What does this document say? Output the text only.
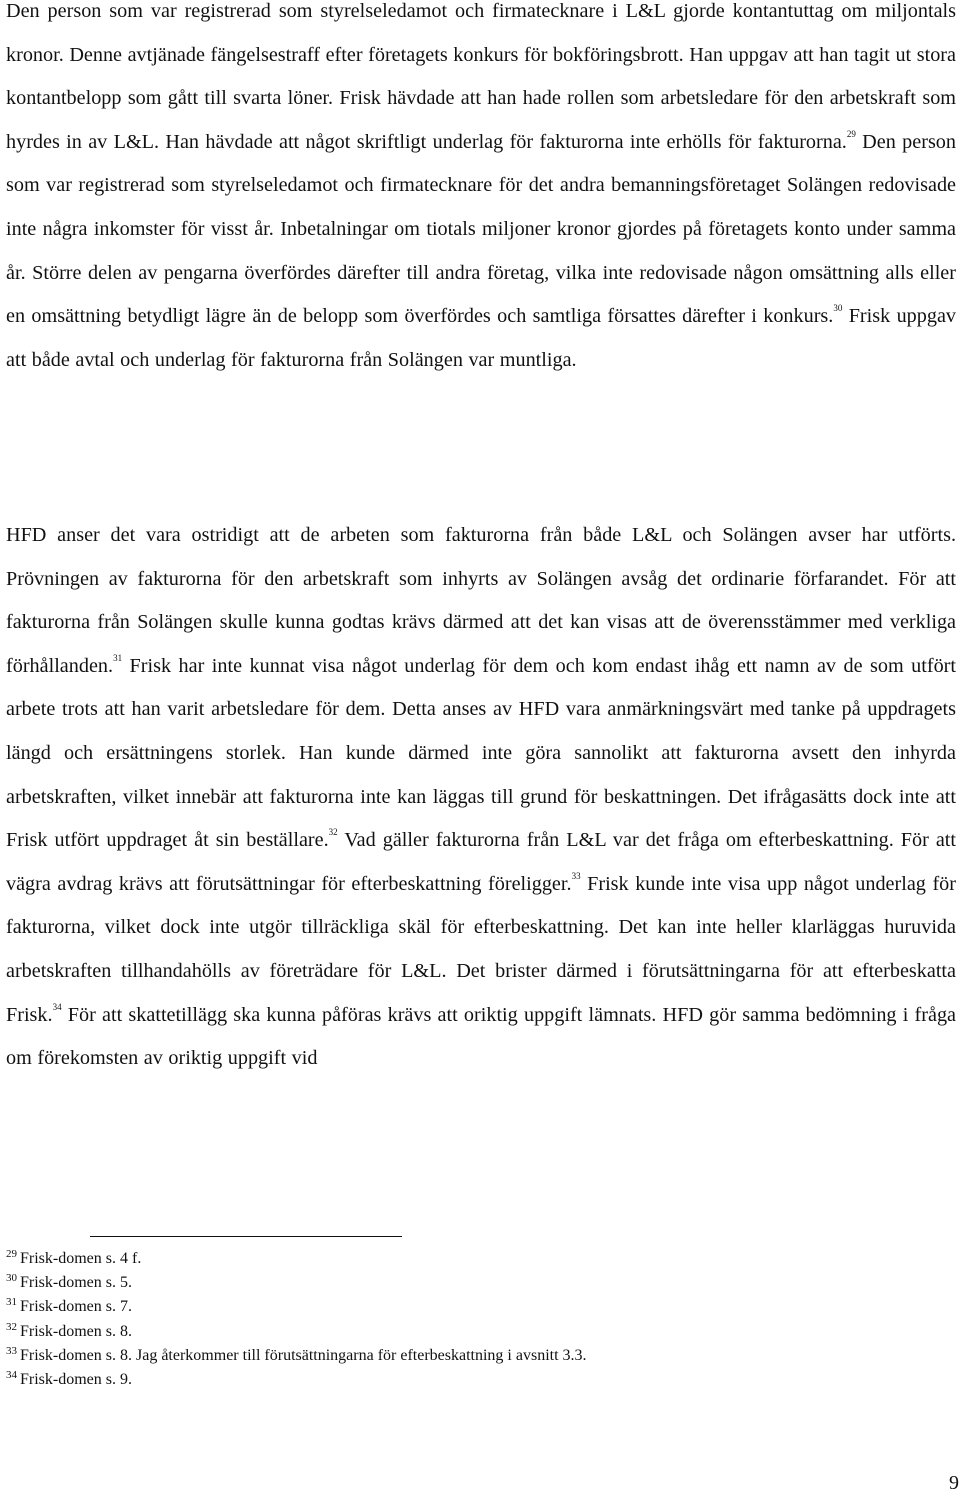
Den person som var registrerad som styrelseledamot och firmatecknare i L&L gjorde kontantuttag om miljontals kronor. Denne avtjänade fängelsestraff efter företagets konkurs för bokföringsbrott. Han uppgav att han tagit ut stora kontantbelopp som gått till svarta löner. Frisk hävdade att han hade rollen som arbetsledare för den arbetskraft som hyrdes in av L&L. Han hävdade att något skriftligt underlag för fakturorna inte erhölls för fakturorna.$^{29}$ Den person som var registrerad som styrelseledamot och firmatecknare för det andra bemanningsföretaget Solängen redovisade inte några inkomster för visst år. Inbetalningar om tiotals miljoner kronor gjordes på företagets konto under samma år. Större delen av pengarna överfördes därefter till andra företag, vilka inte redovisade någon omsättning alls eller en omsättning betydligt lägre än de belopp som överfördes och samtliga försattes därefter i konkurs.$^{30}$ Frisk uppgav att både avtal och underlag för fakturorna från Solängen var muntliga.

HFD anser det vara ostridigt att de arbeten som fakturorna från både L&L och Solängen avser har utförts. Prövningen av fakturorna för den arbetskraft som inhyrts av Solängen avsåg det ordinarie förfarandet. För att fakturorna från Solängen skulle kunna godtas krävs därmed att det kan visas att de överensstämmer med verkliga förhållanden.$^{31}$ Frisk har inte kunnat visa något underlag för dem och kom endast ihåg ett namn av de som utfört arbete trots att han varit arbetsledare för dem. Detta anses av HFD vara anmärkningsvärt med tanke på uppdragets längd och ersättningens storlek. Han kunde därmed inte göra sannolikt att fakturorna avsett den inhyrda arbetskraften, vilket innebär att fakturorna inte kan läggas till grund för beskattningen. Det ifrågasätts dock inte att Frisk utfört uppdraget åt sin beställare.$^{32}$ Vad gäller fakturorna från L&L var det fråga om efterbeskattning. För att vägra avdrag krävs att förutsättningar för efterbeskattning föreligger.$^{33}$ Frisk kunde inte visa upp något underlag för fakturorna, vilket dock inte utgör tillräckliga skäl för efterbeskattning. Det kan inte heller klarläggas huruvida arbetskraften tillhandahölls av företrädare för L&L. Det brister därmed i förutsättningarna för att efterbeskatta Frisk.$^{34}$ För att skattetillägg ska kunna påföras krävs att oriktig uppgift lämnats. HFD gör samma bedömning i fråga om förekomsten av oriktig uppgift vid

$^{29}$ Frisk-domen s. 4 f.
$^{30}$ Frisk-domen s. 5.
$^{31}$ Frisk-domen s. 7.
$^{32}$ Frisk-domen s. 8.
$^{33}$ Frisk-domen s. 8. Jag återkommer till förutsättningarna för efterbeskattning i avsnitt 3.3.
$^{34}$ Frisk-domen s. 9.
9
